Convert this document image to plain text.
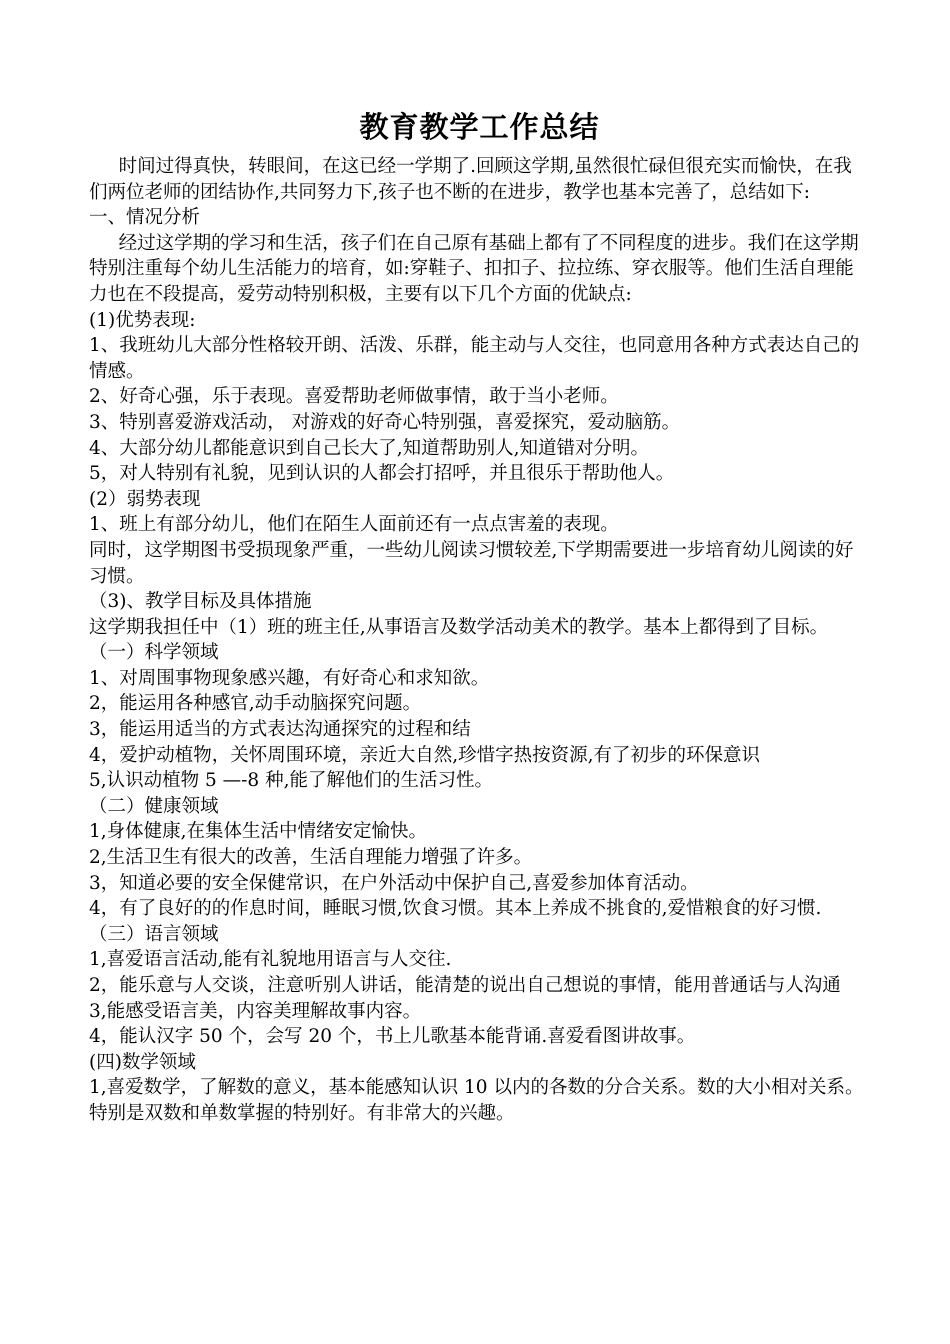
教育教学工作总结

时间过得真快，转眼间，在这已经一学期了.回顾这学期,虽然很忙碌但很充实而愉快，在我们两位老师的团结协作,共同努力下,孩子也不断的在进步，教学也基本完善了，总结如下:

一、情况分析

经过这学期的学习和生活，孩子们在自己原有基础上都有了不同程度的进步。我们在这学期特别注重每个幼儿生活能力的培育，如:穿鞋子、扣扣子、拉拉练、穿衣服等。他们生活自理能力也在不段提高，爱劳动特别积极，主要有以下几个方面的优缺点:

(1)优势表现:

1、我班幼儿大部分性格较开朗、活泼、乐群，能主动与人交往，也同意用各种方式表达自己的情感。

2、好奇心强，乐于表现。喜爱帮助老师做事情，敢于当小老师。

3、特别喜爱游戏活动， 对游戏的好奇心特别强，喜爱探究，爱动脑筋。

4、大部分幼儿都能意识到自己长大了,知道帮助别人,知道错对分明。

5，对人特别有礼貌，见到认识的人都会打招呼，并且很乐于帮助他人。

(2）弱势表现

1、班上有部分幼儿，他们在陌生人面前还有一点点害羞的表现。

同时，这学期图书受损现象严重，一些幼儿阅读习惯较差,下学期需要进一步培育幼儿阅读的好习惯。

（3)、教学目标及具体措施

这学期我担任中（1）班的班主任,从事语言及数学活动美术的教学。基本上都得到了目标。

（一）科学领域

1、对周围事物现象感兴趣，有好奇心和求知欲。

2，能运用各种感官,动手动脑探究问题。

3，能运用适当的方式表达沟通探究的过程和结

4，爱护动植物，关怀周围环境，亲近大自然,珍惜字热按资源,有了初步的环保意识

5,认识动植物 5 —-8 种,能了解他们的生活习性。

（二）健康领域

1,身体健康,在集体生活中情绪安定愉快。

2,生活卫生有很大的改善，生活自理能力增强了许多。

3，知道必要的安全保健常识，在户外活动中保护自己,喜爱参加体育活动。

4，有了良好的的作息时间，睡眠习惯,饮食习惯。其本上养成不挑食的,爱惜粮食的好习惯.

（三）语言领域

1,喜爱语言活动,能有礼貌地用语言与人交往.

2，能乐意与人交谈，注意听别人讲话，能清楚的说出自己想说的事情，能用普通话与人沟通

3,能感受语言美，内容美理解故事内容。

4，能认汉字 50 个，会写 20 个，书上儿歌基本能背诵.喜爱看图讲故事。

(四)数学领域

1,喜爱数学，了解数的意义，基本能感知认识 10 以内的各数的分合关系。数的大小相对关系。特别是双数和单数掌握的特别好。有非常大的兴趣。
